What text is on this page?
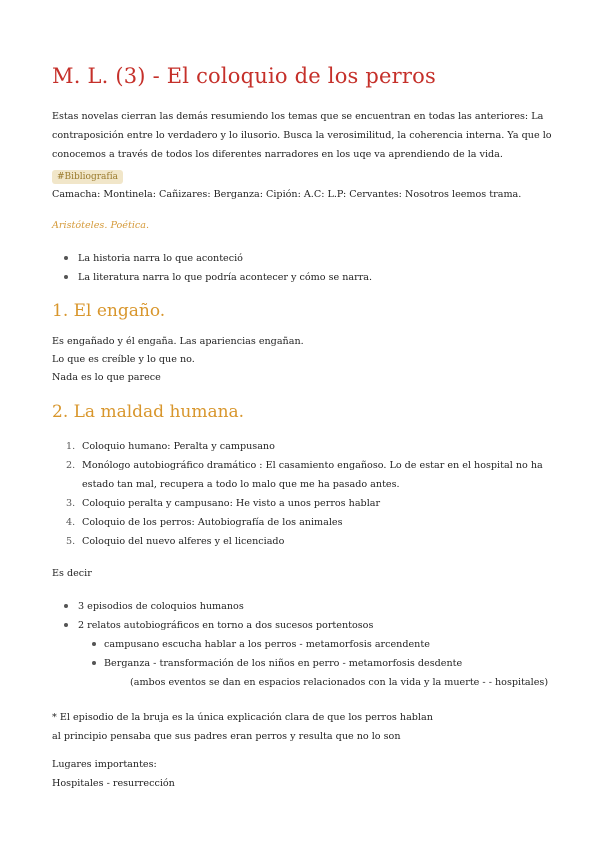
M. L. (3) - El coloquio de los perros

Estas novelas cierran las demás resumiendo los temas que se encuentran en todas las anteriores: La contraposición entre lo verdadero y lo ilusorio. Busca la verosimilitud, la coherencia interna. Ya que lo conocemos a través de todos los diferentes narradores en los uqe va aprendiendo de la vida.

#Bibliografía

Camacha: Montinela: Cañizares: Berganza: Cipión: A.C: L.P: Cervantes: Nosotros leemos trama.

Aristóteles. Poética.

La historia narra lo que aconteció
La literatura narra lo que podría acontecer y cómo se narra.
1. El engaño.
Es engañado y él engaña. Las apariencias engañan.
Lo que es creíble y lo que no.
Nada es lo que parece
2. La maldad humana.
1. Coloquio humano: Peralta y campusano
2. Monólogo autobiográfico dramático : El casamiento engañoso. Lo de estar en el hospital no ha estado tan mal, recupera a todo lo malo que me ha pasado antes.
3. Coloquio peralta y campusano: He visto a unos perros hablar
4. Coloquio de los perros: Autobiografía de los animales
5. Coloquio del nuevo alferes y el licenciado

Es decir

3 episodios de coloquios humanos
2 relatos autobiográficos en torno a dos sucesos portentosos
campusano escucha hablar a los perros - metamorfosis arcendente
Berganza - transformación de los niños en perro - metamorfosis desdente
(ambos eventos se dan en espacios relacionados con la vida y la muerte - - hospitales)
* El episodio de la bruja es la única explicación clara de que los perros hablan
al principio pensaba que sus padres eran perros y resulta que no lo son
Lugares importantes:
Hospitales - resurrección
